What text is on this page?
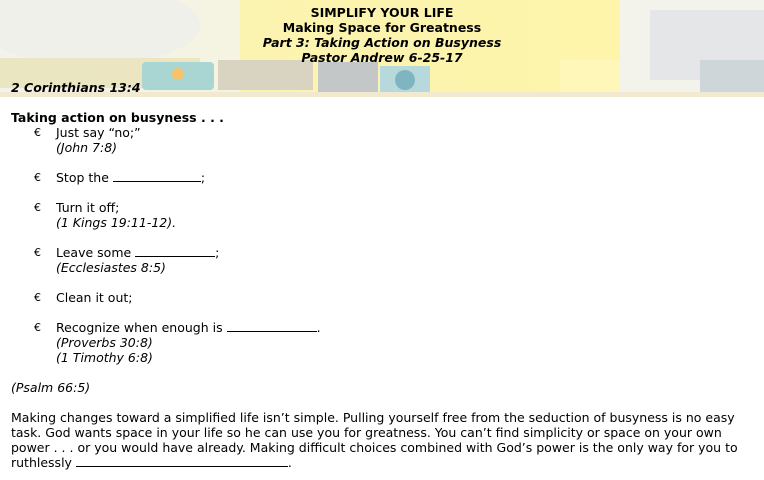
SIMPLIFY YOUR LIFE
Making Space for Greatness
Part 3: Taking Action on Busyness
Pastor Andrew 6-25-17
2 Corinthians 13:4
Taking action on busyness . . .
€ Just say “no;”
(John 7:8)
€ Stop the	;
€ Turn it off;
(1 Kings 19:11-12).
€ Leave some	;
(Ecclesiastes 8:5)
€ Clean it out;
€ Recognize when enough is	.
(Proverbs 30:8)
(1 Timothy 6:8)
(Psalm 66:5)
Making changes toward a simplified life isn’t simple. Pulling yourself free from the seduction of busyness is no easy task. God wants space in your life so he can use you for greatness. You can’t find simplicity or space on your own power . . . or you would have already. Making difficult choices combined with God’s power is the only way for you to ruthlessly	.
